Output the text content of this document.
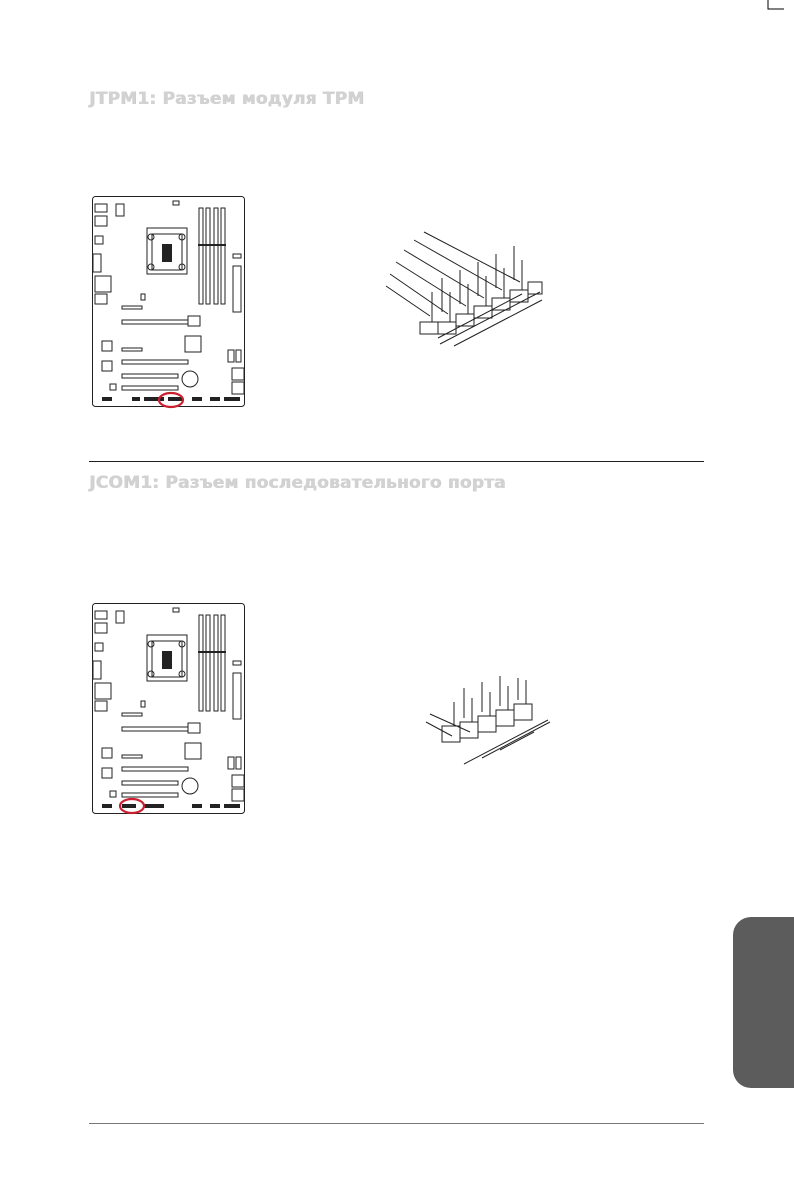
JTPM1: Разъем модуля TPM
JCOM1: Разъем последовательного порта
